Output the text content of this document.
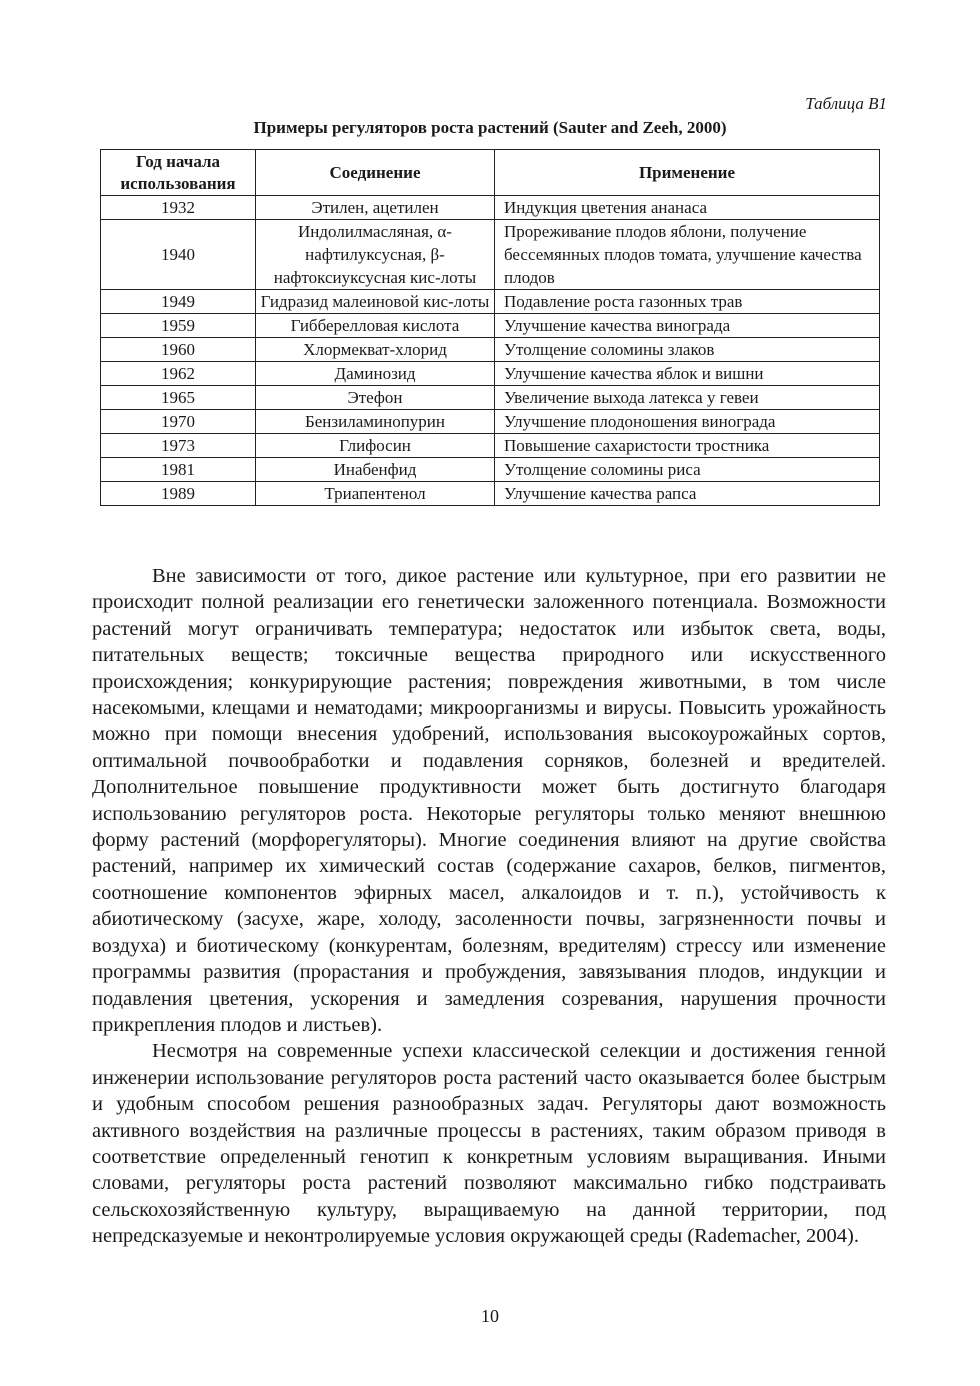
Таблица B1
Примеры регуляторов роста растений (Sauter and Zeeh, 2000)
Год начала использования	Соединение	Применение
1932	Этилен, ацетилен	Индукция цветения ананаса
1940	Индолилмасляная, α-нафтилуксусная, β-нафтоксиуксусная кис-лоты	Прореживание плодов яблони, получение бессемянных плодов томата, улучшение качества плодов
1949	Гидразид малеиновой кис-лоты	Подавление роста газонных трав
1959	Гиббереллoвая кислота	Улучшение качества винограда
1960	Хлормекват-хлорид	Утолщение соломины злаков
1962	Даминозид	Улучшение качества яблок и вишни
1965	Этефон	Увеличение выхода латекса у гевеи
1970	Бензиламинопурин	Улучшение плодоношения винограда
1973	Глифосин	Повышение сахаристости тростника
1981	Инабенфид	Утолщение соломины риса
1989	Триапентенол	Улучшение качества рапса

Вне зависимости от того, дикое растение или культурное, при его развитии не происходит полной реализации его генетически заложенного потенциала. Возможности растений могут ограничивать температура; недостаток или избыток света, воды, питательных веществ; токсичные вещества природного или искусственного происхождения; конкурирующие растения; повреждения животными, в том числе насекомыми, клещами и нематодами; микроорганизмы и вирусы. Повысить урожайность можно при помощи внесения удобрений, использования высокоурожайных сортов, оптимальной почвообработки и подавления сорняков, болезней и вредителей. Дополнительное повышение продуктивности может быть достигнуто благодаря использованию регуляторов роста. Некоторые регуляторы только меняют внешнюю форму растений (морфорегуляторы). Многие соединения влияют на другие свойства растений, например их химический состав (содержание сахаров, белков, пигментов, соотношение компонентов эфирных масел, алкалоидов и т. п.), устойчивость к абиотическому (засухе, жаре, холоду, засоленности почвы, загрязненности почвы и воздуха) и биотическому (конкурентам, болезням, вредителям) стрессу или изменение программы развития (прорастания и пробуждения, завязывания плодов, индукции и подавления цветения, ускорения и замедления созревания, нарушения прочности прикрепления плодов и листьев).

Несмотря на современные успехи классической селекции и достижения генной инженерии использование регуляторов роста растений часто оказывается более быстрым и удобным способом решения разнообразных задач. Регуляторы дают возможность активного воздействия на различные процессы в растениях, таким образом приводя в соответствие определенный генотип к конкретным условиям выращивания. Иными словами, регуляторы роста растений позволяют максимально гибко подстраивать сельскохозяйственную культуру, выращиваемую на данной территории, под непредсказуемые и неконтролируемые условия окружающей среды (Rademacher, 2004).

10
